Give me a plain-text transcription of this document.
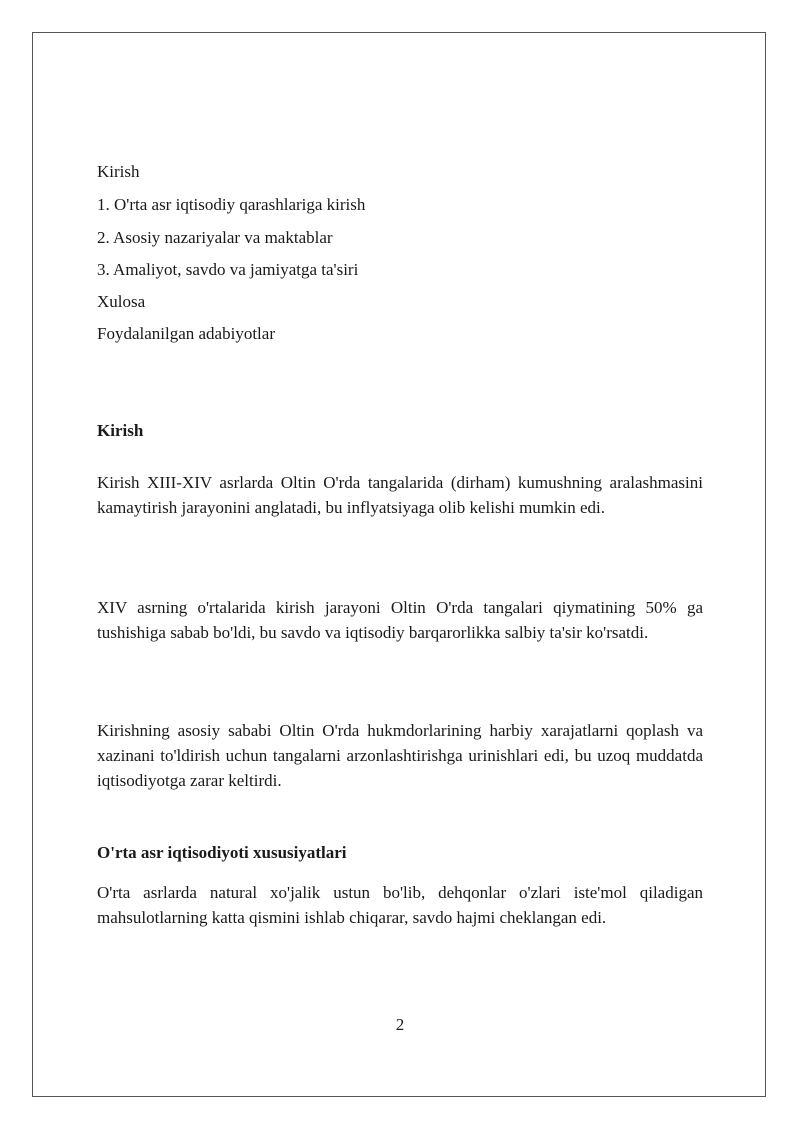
Kirish
1. O'rta asr iqtisodiy qarashlariga kirish
2. Asosiy nazariyalar va maktablar
3. Amaliyot, savdo va jamiyatga ta'siri
Xulosa
Foydalanilgan adabiyotlar
Kirish

Kirish XIII-XIV asrlarda Oltin O'rda tangalarida (dirham) kumushning aralashmasini kamaytirish jarayonini anglatadi, bu inflyatsiyaga olib kelishi mumkin edi.

XIV asrning o'rtalarida kirish jarayoni Oltin O'rda tangalari qiymatining 50% ga tushishiga sabab bo'ldi, bu savdo va iqtisodiy barqarorlikka salbiy ta'sir ko'rsatdi.

Kirishning asosiy sababi Oltin O'rda hukmdorlarining harbiy xarajatlarni qoplash va xazinani to'ldirish uchun tangalarni arzonlashtirishga urinishlari edi, bu uzoq muddatda iqtisodiyotga zarar keltirdi.

O'rta asr iqtisodiyoti xususiyatlari

O'rta asrlarda natural xo'jalik ustun bo'lib, dehqonlar o'zlari iste'mol qiladigan mahsulotlarning katta qismini ishlab chiqarar, savdo hajmi cheklangan edi.

2
